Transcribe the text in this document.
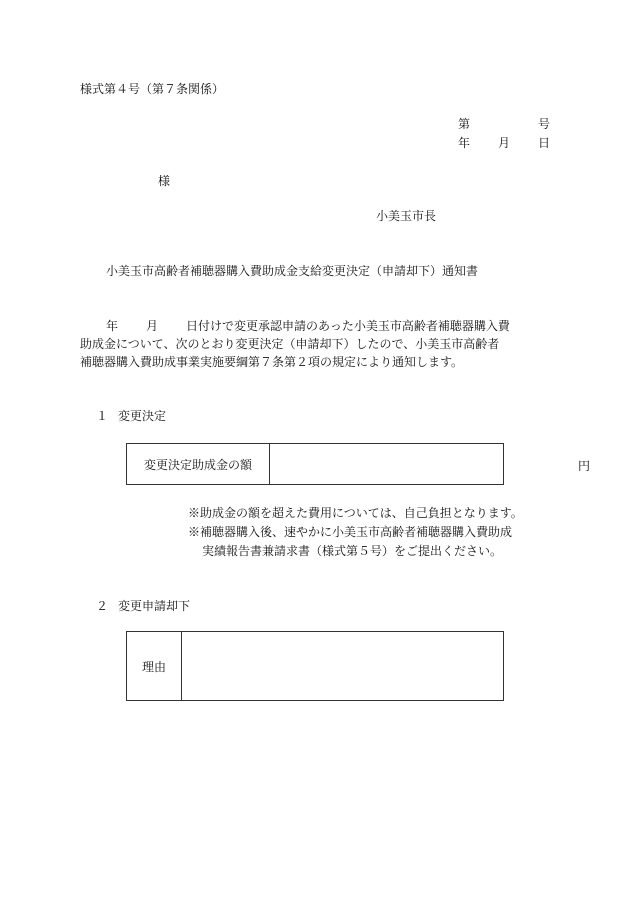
様式第４号（第７条関係）
第	号
年 月 日
様
小美玉市長
小美玉市高齢者補聴器購入費助成金支給変更決定（申請却下）通知書
年 月 日付けで変更承認申請のあった小美玉市高齢者補聴器購入費
助成金について、次のとおり変更決定（申請却下）したので、小美玉市高齢者
補聴器購入費助成事業実施要綱第７条第２項の規定により通知します。
１ 変更決定
変更決定助成金の額	円
※助成金の額を超えた費用については、自己負担となります。
※補聴器購入後、速やかに小美玉市高齢者補聴器購入費助成
実績報告書兼請求書（様式第５号）をご提出ください。
２ 変更申請却下
理由
